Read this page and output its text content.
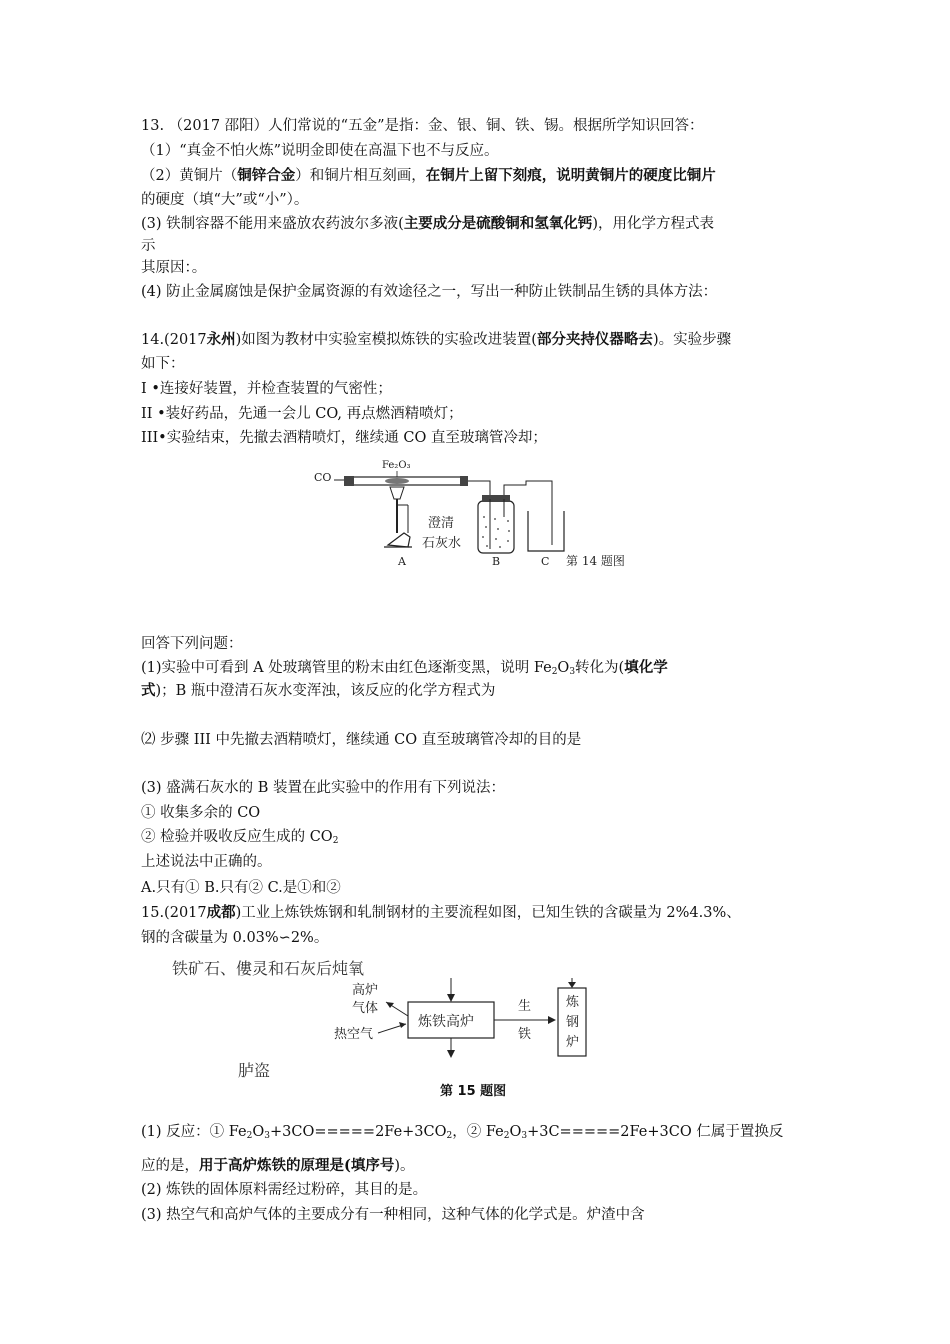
13. （2017 邵阳）人们常说的“五金”是指：金、银、铜、铁、锡。根据所学知识回答：
（1）“真金不怕火炼”说明金即使在高温下也不与反应。
（2）黄铜片（铜锌合金）和铜片相互刻画，在铜片上留下刻痕，说明黄铜片的硬度比铜片
的硬度（填“大”或“小”）。
(3) 铁制容器不能用来盛放农药波尔多液(主要成分是硫酸铜和氢氧化钙)，用化学方程式表
示
其原因：。
(4) 防止金属腐蚀是保护金属资源的有效途径之一，写出一种防止铁制品生锈的具体方法：
14.(2017永州)如图为教材中实验室模拟炼铁的实验改进装置(部分夹持仪器略去)。实验步骤
如下：
I •连接好装置，并检查装置的气密性；
II •装好药品，先通一会儿 CO, 再点燃酒精喷灯；
III•实验结束，先撤去酒精喷灯，继续通 CO 直至玻璃管冷却；
CO
Fe₂O₃
A
澄清
石灰水
B	C 第 14 题图
回答下列问题：
(1)实验中可看到 A 处玻璃管里的粉末由红色逐渐变黑，说明 $Fe_2O_3$转化为(填化学
式)；B 瓶中澄清石灰水变浑浊，该反应的化学方程式为
⑵ 步骤 III 中先撤去酒精喷灯，继续通 CO 直至玻璃管冷却的目的是
(3) 盛满石灰水的 B 装置在此实验中的作用有下列说法：
① 收集多余的 CO
② 检验并吸收反应生成的 $CO_2$
上述说法中正确的。
A.只有① B.只有② C.是①和②
15.(2017成都)工业上炼铁炼钢和轧制钢材的主要流程如图，已知生铁的含碳量为 2%4.3%、
钢的含碳量为 0.03%∽2%。
铁矿石、僂灵和石灰后炖氧
高炉
气体
热空气
炼铁高炉
生
铁
炼
钢
炉
胪盗
第 15 题图
(1) 反应：① $Fe_2O_3+3CO=====2Fe+3CO_2$，② $Fe_2O_3+3C=====2Fe+3CO$ 仁属于置换反
应的是，用于高炉炼铁的原理是(填序号)。
(2) 炼铁的固体原料需经过粉碎，其目的是。
(3) 热空气和高炉气体的主要成分有一种相同，这种气体的化学式是。炉渣中含
